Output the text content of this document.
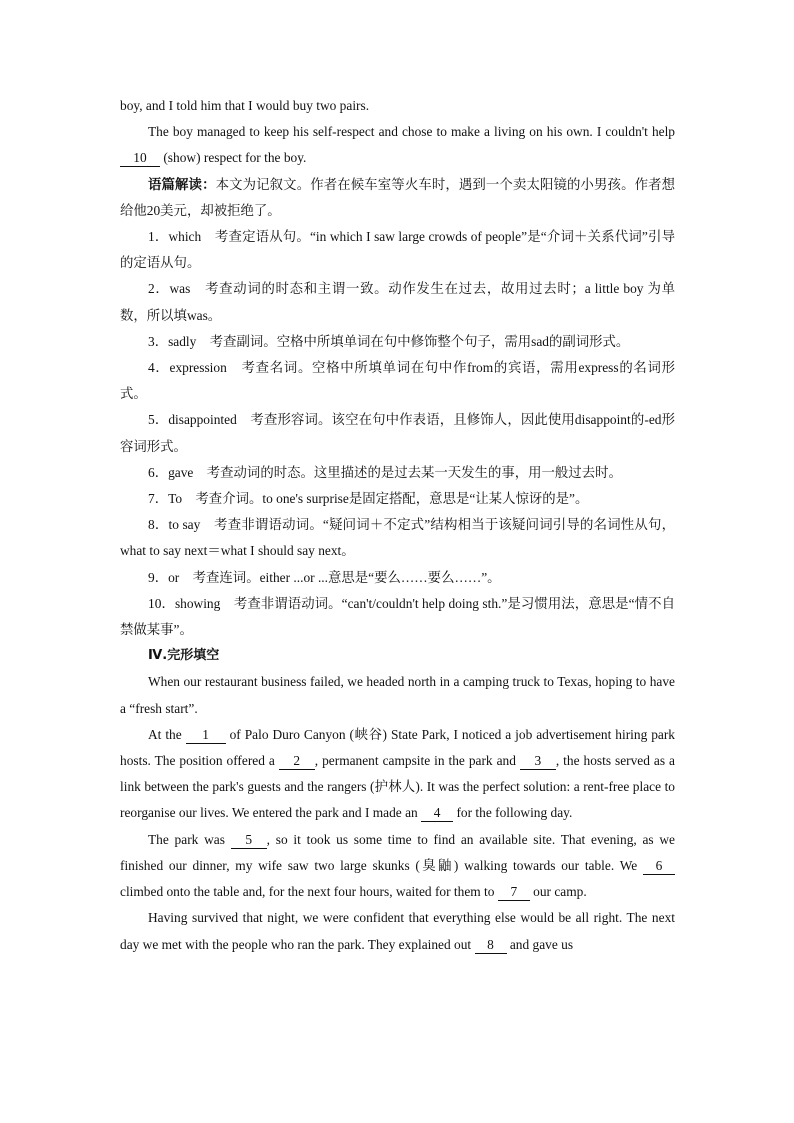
boy, and I told him that I would buy two pairs.

The boy managed to keep his self-respect and chose to make a living on his own. I couldn't help 10 (show) respect for the boy.

语篇解读：本文为记叙文。作者在候车室等火车时，遇到一个卖太阳镜的小男孩。作者想给他20美元，却被拒绝了。

1．which　考查定语从句。“in which I saw large crowds of people”是“介词＋关系代词”引导的定语从句。

2．was　考查动词的时态和主谓一致。动作发生在过去，故用过去时；a little boy 为单数，所以填was。

3．sadly　考查副词。空格中所填单词在句中修饰整个句子，需用sad的副词形式。

4．expression　考查名词。空格中所填单词在句中作from的宾语，需用express的名词形式。

5．disappointed　考查形容词。该空在句中作表语，且修饰人，因此使用disappoint的-ed形容词形式。

6．gave　考查动词的时态。这里描述的是过去某一天发生的事，用一般过去时。

7．To　考查介词。to one's surprise是固定搭配，意思是“让某人惊讶的是”。

8．to say　考查非谓语动词。“疑问词＋不定式”结构相当于该疑问词引导的名词性从句，what to say next＝what I should say next。

9．or　考查连词。either ...or ...意思是“要么……要么……”。

10．showing　考查非谓语动词。“can't/couldn't help doing sth.”是习惯用法，意思是“情不自禁做某事”。

Ⅳ.完形填空

When our restaurant business failed, we headed north in a camping truck to Texas, hoping to have a “fresh start”.

At the 1 of Palo Duro Canyon (峡谷) State Park, I noticed a job advertisement hiring park hosts. The position offered a 2 , permanent campsite in the park and 3 , the hosts served as a link between the park's guests and the rangers (护林人). It was the perfect solution: a rent-free place to reorganise our lives. We entered the park and I made an 4 for the following day.

The park was 5 , so it took us some time to find an available site. That evening, as we finished our dinner, my wife saw two large skunks (臭鼬) walking towards our table. We 6 climbed onto the table and, for the next four hours, waited for them to 7 our camp.

Having survived that night, we were confident that everything else would be all right. The next day we met with the people who ran the park. They explained out 8 and gave us
